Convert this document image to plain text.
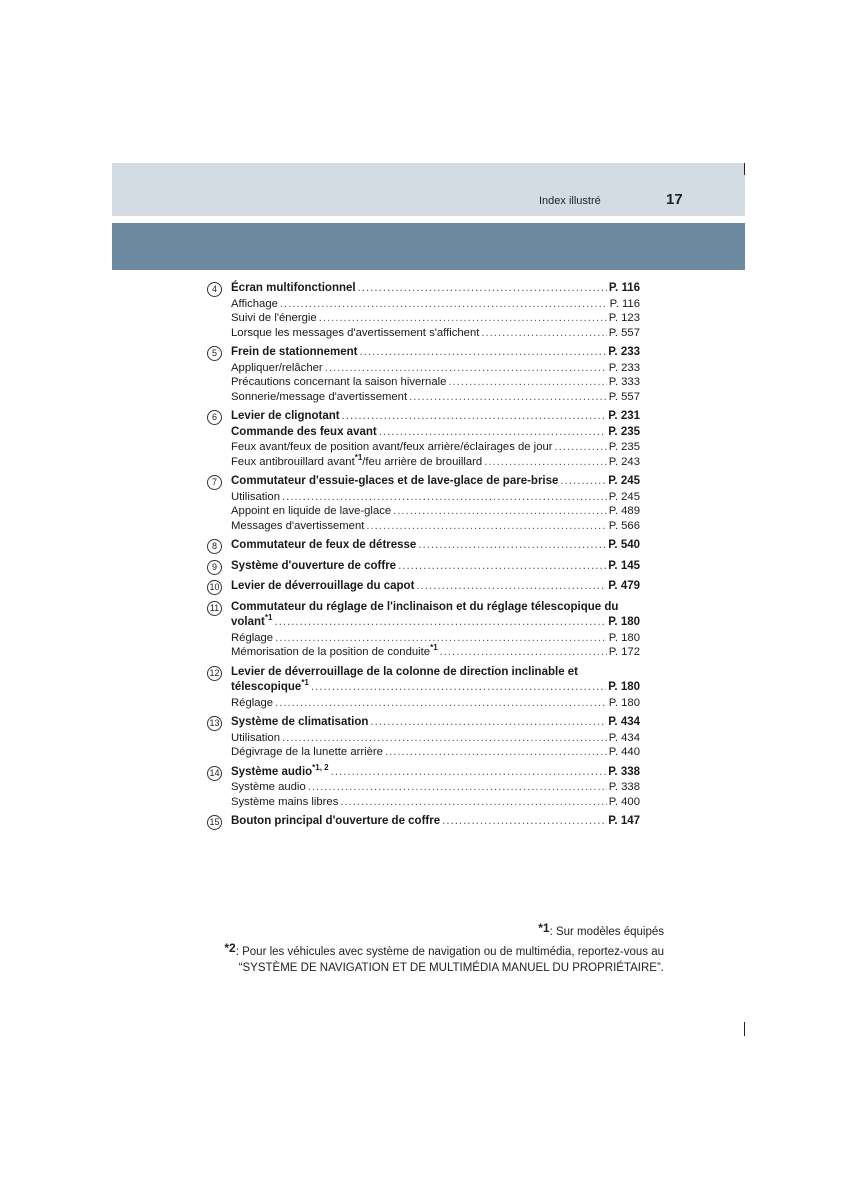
Index illustré	17
4	Écran multifonctionnel .....	P. 116
Affichage .....	P. 116
Suivi de l'énergie .....	P. 123
Lorsque les messages d'avertissement s'affichent .....	P. 557
5	Frein de stationnement .....	P. 233
Appliquer/relâcher .....	P. 233
Précautions concernant la saison hivernale .....	P. 333
Sonnerie/message d'avertissement .....	P. 557
6	Levier de clignotant .....	P. 231
Commande des feux avant .....	P. 235
Feux avant/feux de position avant/feux arrière/éclairages de jour .....	P. 235
Feux antibrouillard avant$^{*1}$/feu arrière de brouillard .....	P. 243
7	Commutateur d'essuie-glaces et de lave-glace de pare-brise .....	P. 245
Utilisation .....	P. 245
Appoint en liquide de lave-glace .....	P. 489
Messages d'avertissement .....	P. 566
8	Commutateur de feux de détresse .....	P. 540
9	Système d'ouverture de coffre .....	P. 145
10 Levier de déverrouillage du capot .....	P. 479
11 Commutateur du réglage de l'inclinaison et du réglage télescopique du
volant$^{*1}$ .....	P. 180
Réglage .....	P. 180
Mémorisation de la position de conduite$^{*1}$ .....	P. 172
12 Levier de déverrouillage de la colonne de direction inclinable et
télescopique$^{*1}$ .....	P. 180
Réglage .....	P. 180
13 Système de climatisation .....	P. 434
Utilisation .....	P. 434
Dégivrage de la lunette arrière .....	P. 440
14 Système audio$^{*1, 2}$ .....	P. 338
Système audio .....	P. 338
Système mains libres .....	P. 400
15 Bouton principal d'ouverture de coffre .....	P. 147
*1: Sur modèles équipés
*2: Pour les véhicules avec système de navigation ou de multimédia, reportez-vous au
“SYSTÈME DE NAVIGATION ET DE MULTIMÉDIA MANUEL DU PROPRIÉTAIRE”.
